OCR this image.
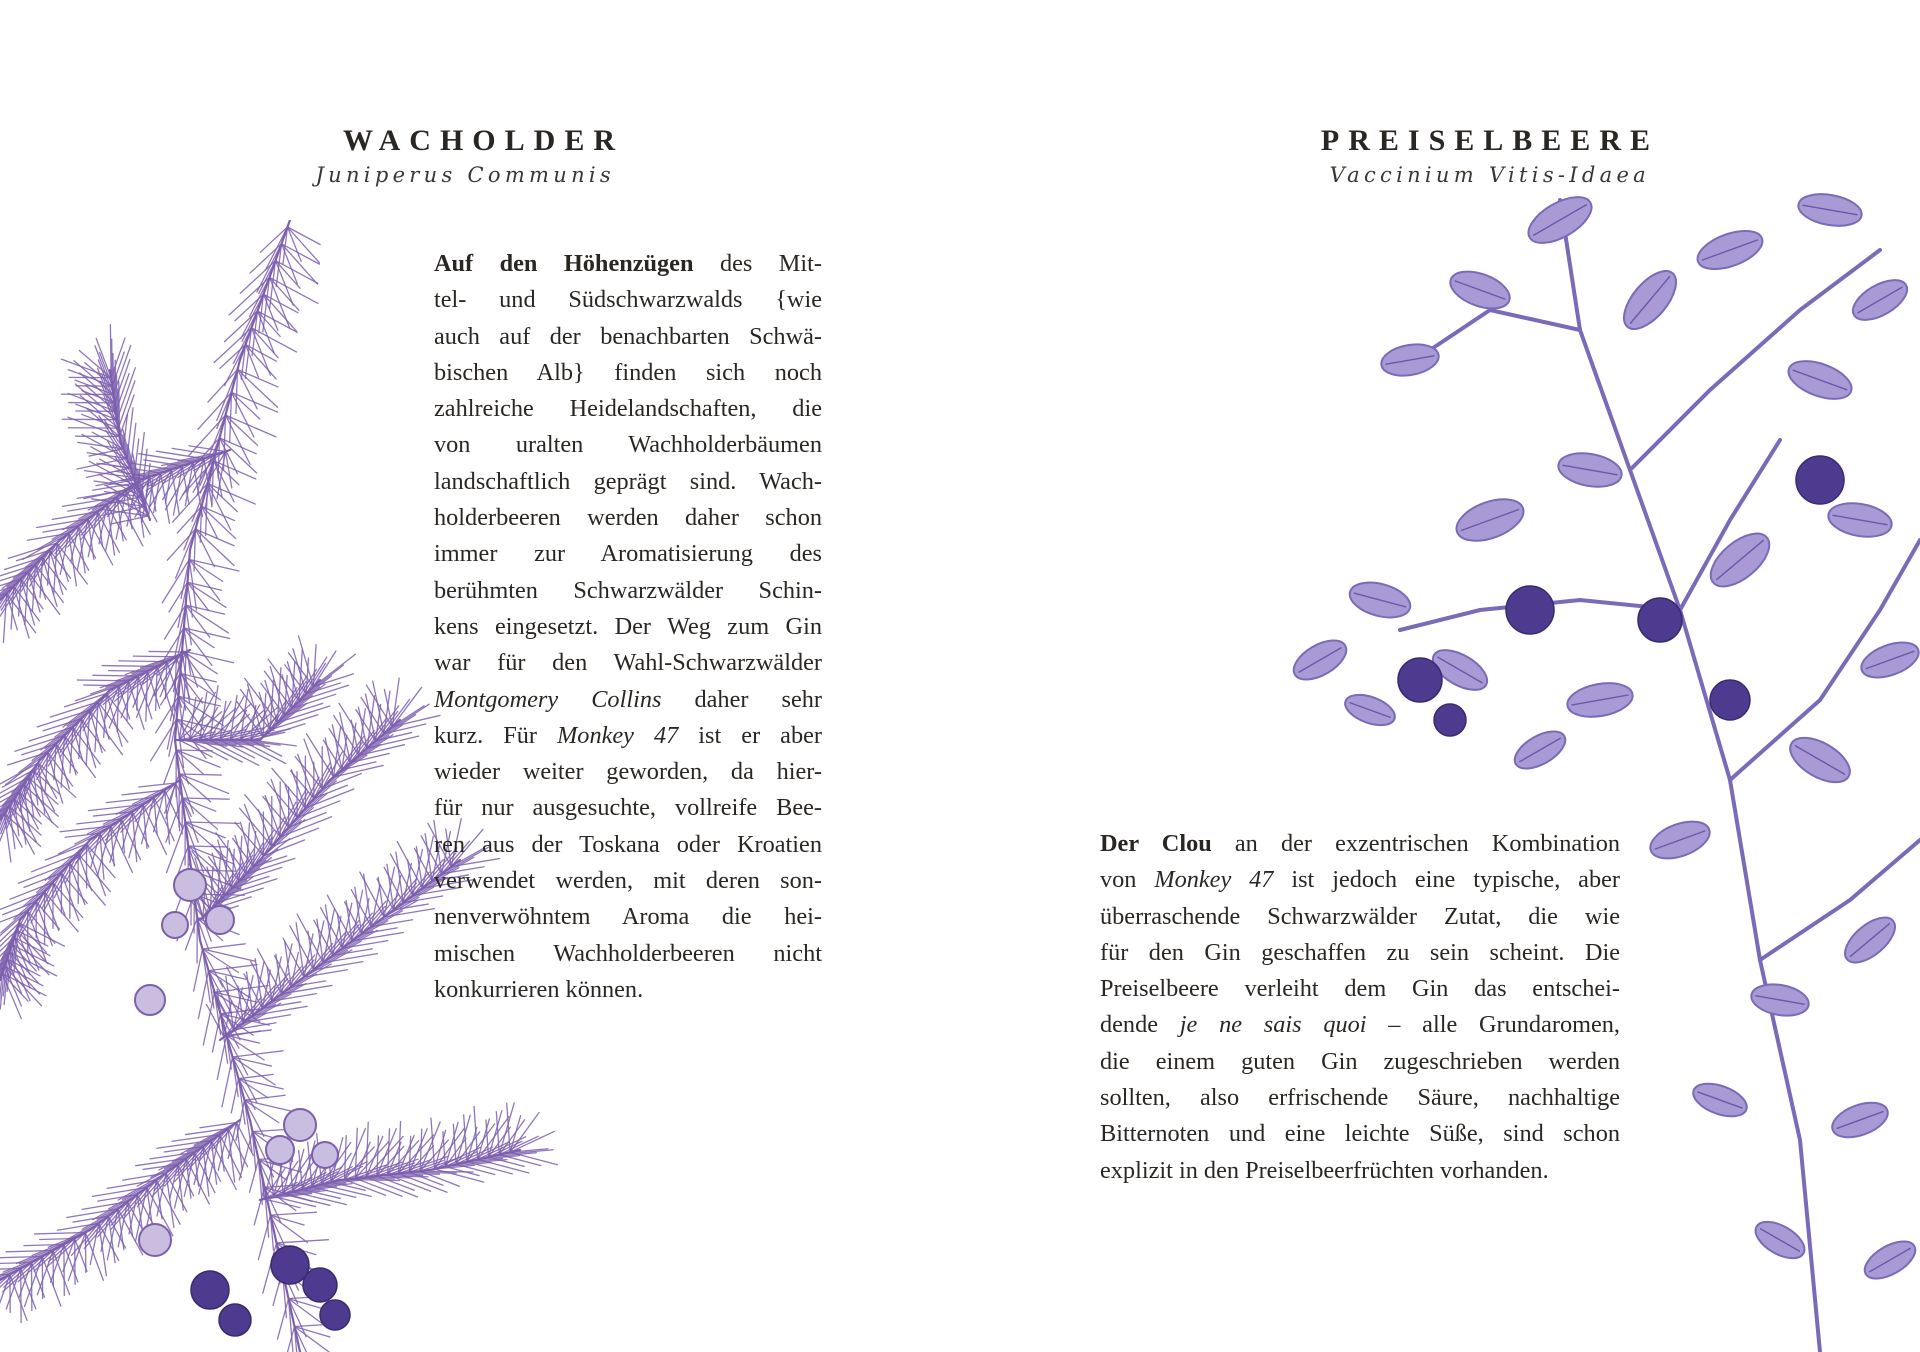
WACHOLDER
Juniperus Communis
Auf den Höhenzügen des Mit-
tel- und Südschwarzwalds {wie
auch auf der benachbarten Schwä-
bischen Alb} finden sich noch
zahlreiche Heidelandschaften, die
von uralten Wachholderbäumen
landschaftlich geprägt sind. Wach-
holderbeeren werden daher schon
immer zur Aromatisierung des
berühmten Schwarzwälder Schin-
kens eingesetzt. Der Weg zum Gin
war für den Wahl-Schwarzwälder
Montgomery Collins daher sehr
kurz. Für Monkey 47 ist er aber
wieder weiter geworden, da hier-
für nur ausgesuchte, vollreife Bee-
ren aus der Toskana oder Kroatien
verwendet werden, mit deren son-
nenverwöhntem Aroma die hei-
mischen Wachholderbeeren nicht
konkurrieren können.
PREISELBEERE
Vaccinium Vitis-Idaea
Der Clou an der exzentrischen Kombination
von Monkey 47 ist jedoch eine typische, aber
überraschende Schwarzwälder Zutat, die wie
für den Gin geschaffen zu sein scheint. Die
Preiselbeere verleiht dem Gin das entschei-
dende je ne sais quoi – alle Grundaromen,
die einem guten Gin zugeschrieben werden
sollten, also erfrischende Säure, nachhaltige
Bitternoten und eine leichte Süße, sind schon
explizit in den Preiselbeerfrüchten vorhanden.
